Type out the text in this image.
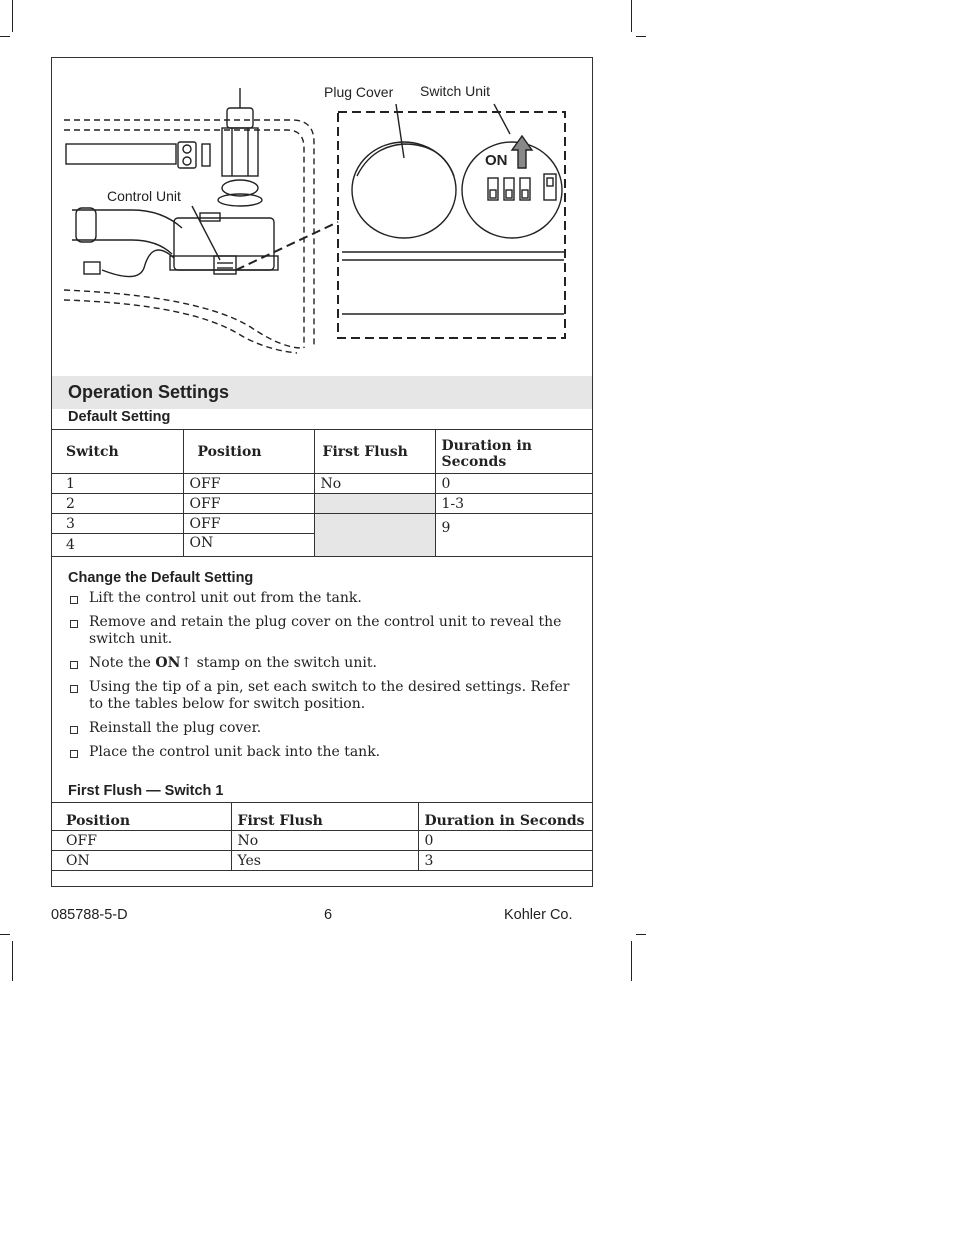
Plug Cover Switch Unit
Control Unit
ON
Operation Settings
Default Setting
Switch	Position	First Flush	Duration in Seconds
1	OFF	No	0
2	OFF		1-3
3	OFF		9
4	ON		
Change the Default Setting
Lift the control unit out from the tank.
Remove and retain the plug cover on the control unit to reveal the switch unit.
Note the ON↑ stamp on the switch unit.
Using the tip of a pin, set each switch to the desired settings. Refer to the tables below for switch position.
Reinstall the plug cover.
Place the control unit back into the tank.
First Flush — Switch 1
Position	First Flush	Duration in Seconds
OFF	No	0
ON	Yes	3
085788-5-D	6	Kohler Co.
